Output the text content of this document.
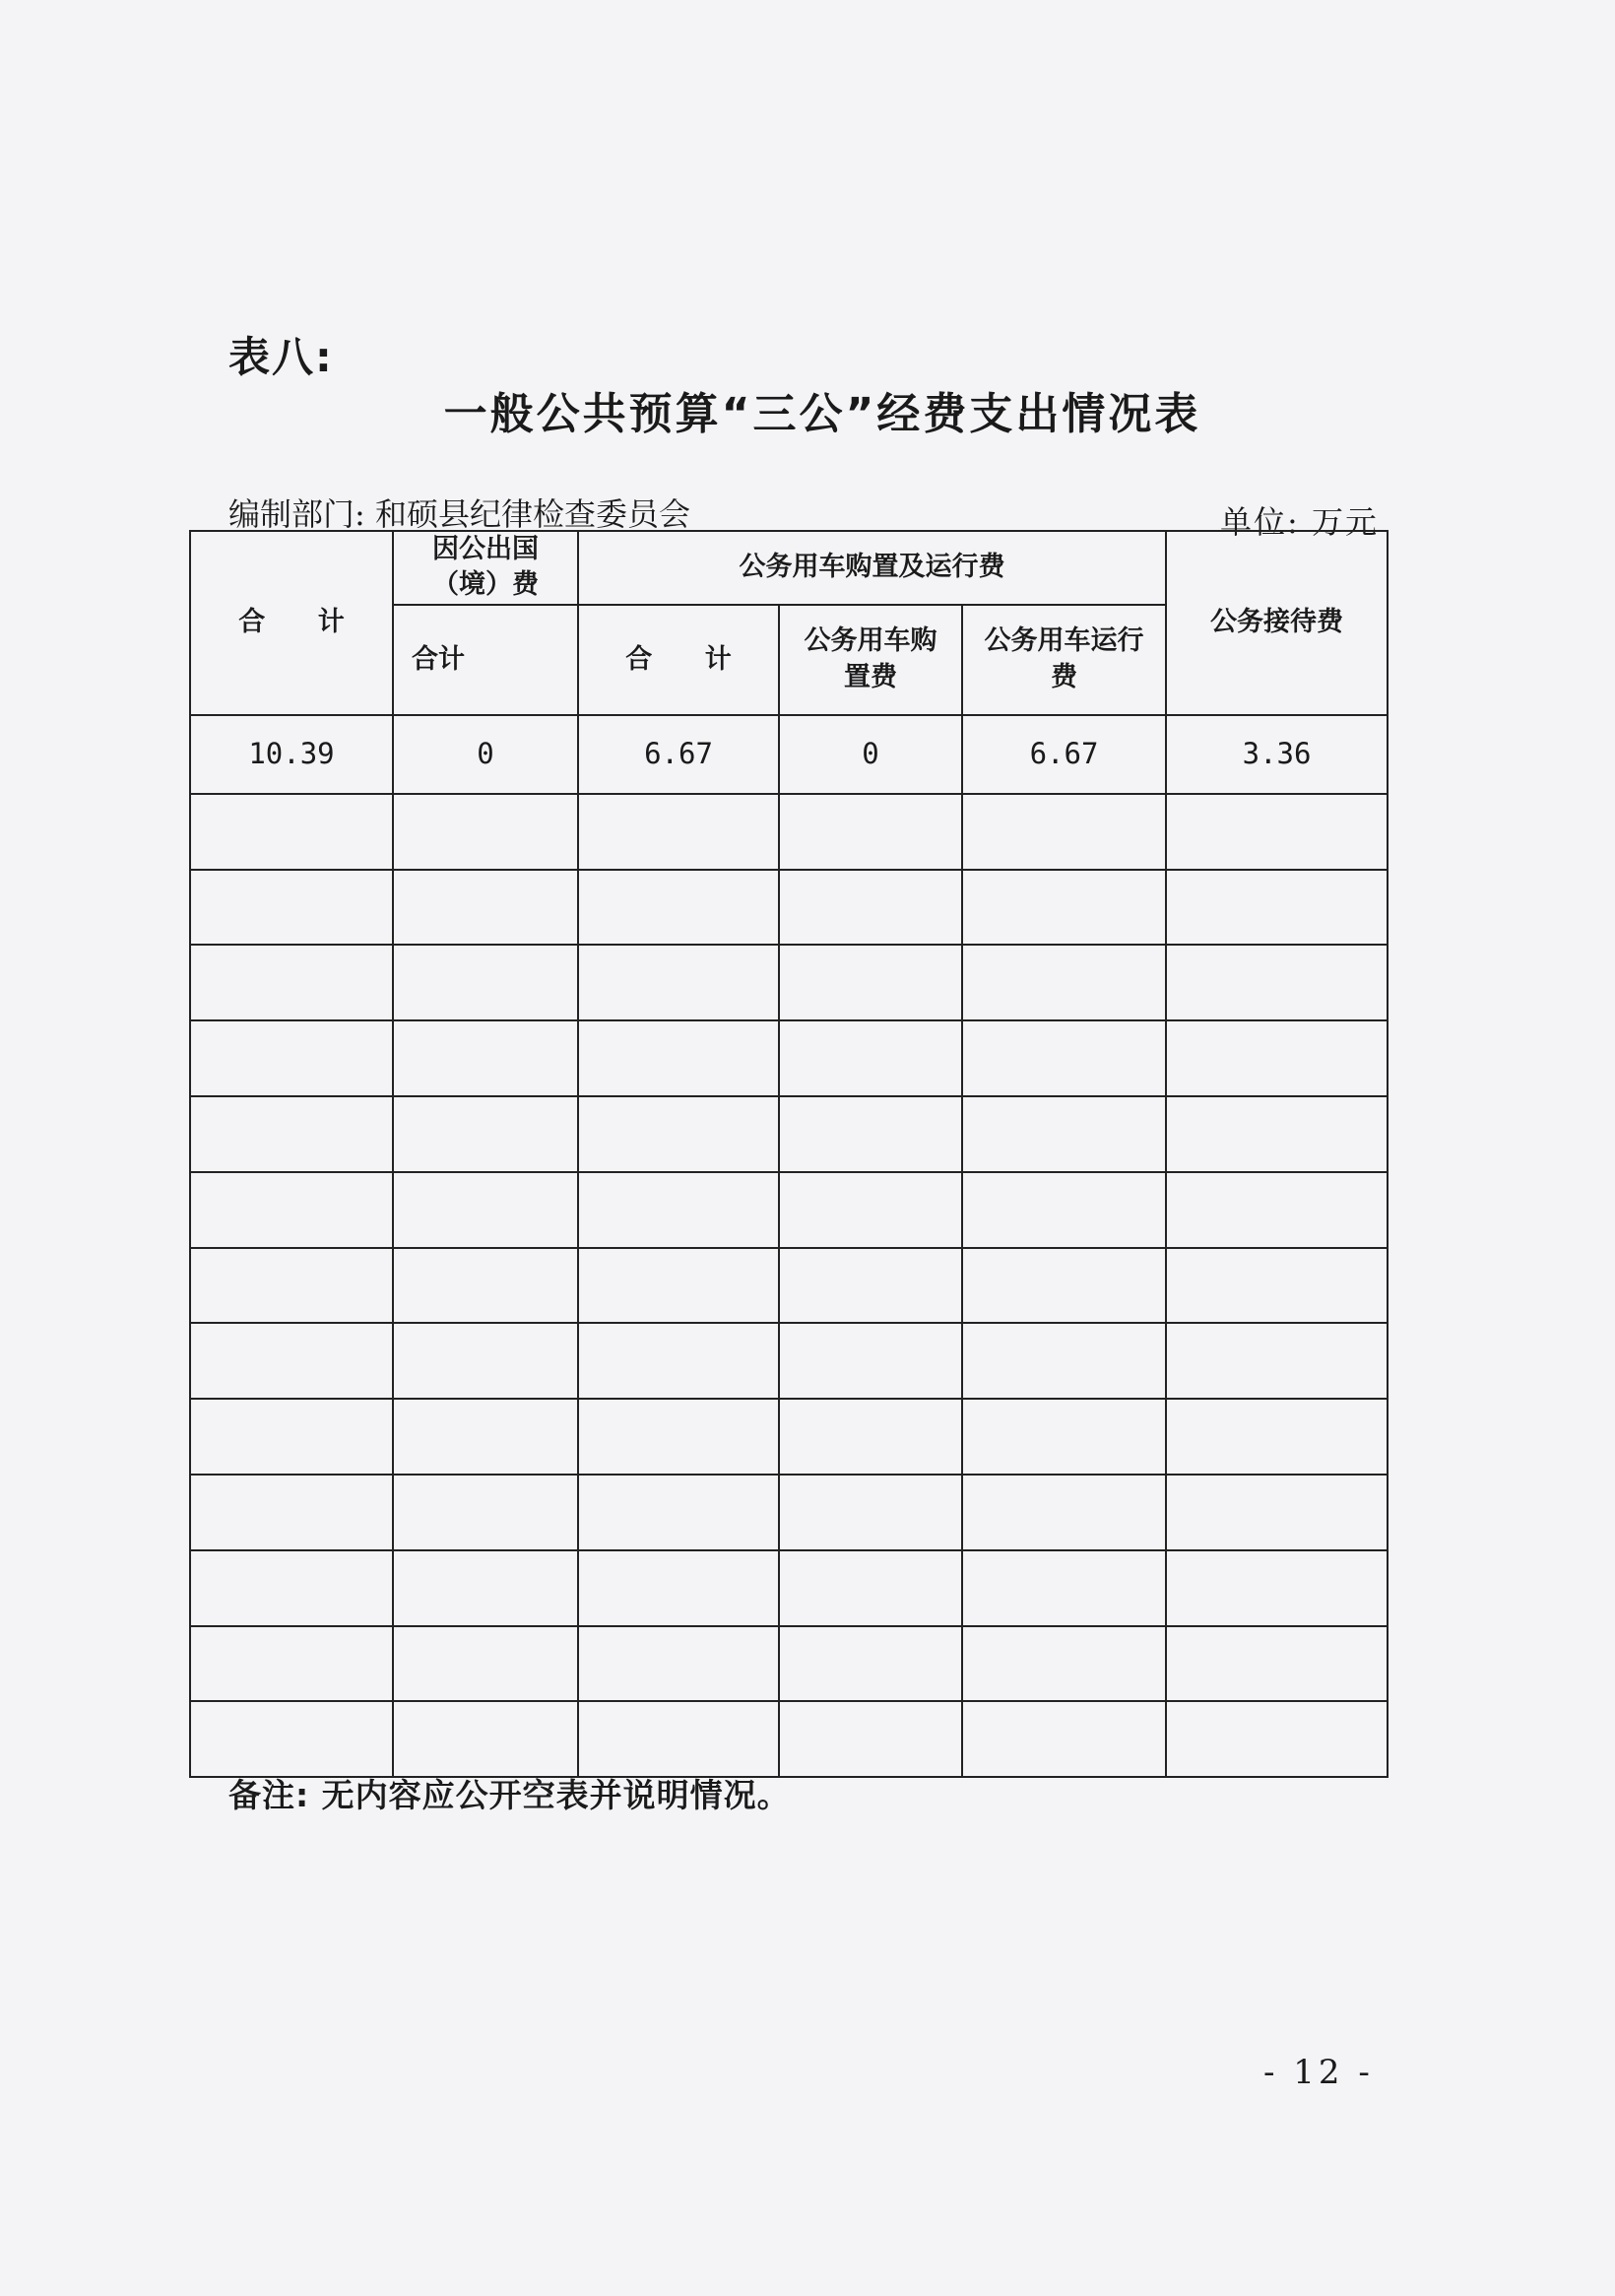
表八:
一般公共预算“三公”经费支出情况表
编制部门: 和硕县纪律检查委员会	单位: 万元
合 计	因公出国（境）费	公务用车购置及运行费			公务接待费
	合计	合 计	公务用车购置费	公务用车运行费	

10.39	0	6.67	0	6.67	3.36

备注: 无内容应公开空表并说明情况。
- 12 -
